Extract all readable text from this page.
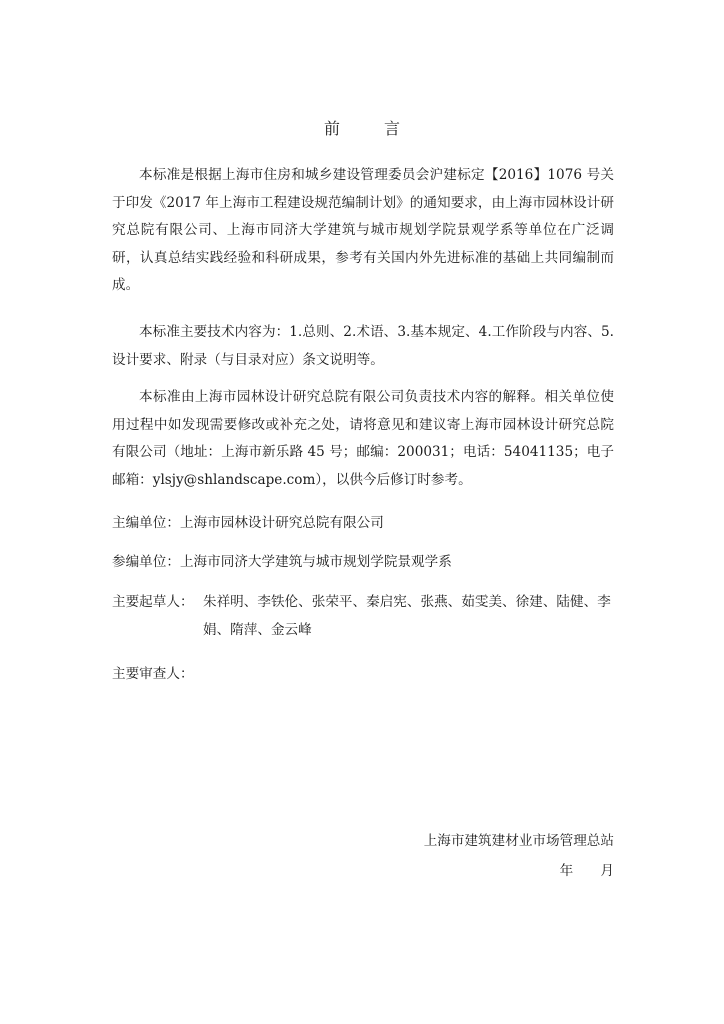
前　言

本标准是根据上海市住房和城乡建设管理委员会沪建标定【2016】1076 号关于印发《2017 年上海市工程建设规范编制计划》的通知要求，由上海市园林设计研究总院有限公司、上海市同济大学建筑与城市规划学院景观学系等单位在广泛调研，认真总结实践经验和科研成果，参考有关国内外先进标准的基础上共同编制而成。

本标准主要技术内容为：1.总则、2.术语、3.基本规定、4.工作阶段与内容、5.设计要求、附录（与目录对应）条文说明等。

本标准由上海市园林设计研究总院有限公司负责技术内容的解释。相关单位使用过程中如发现需要修改或补充之处，请将意见和建议寄上海市园林设计研究总院有限公司（地址：上海市新乐路 45 号；邮编：200031；电话：54041135；电子邮箱：ylsjy@shlandscape.com），以供今后修订时参考。

主编单位：上海市园林设计研究总院有限公司
参编单位：上海市同济大学建筑与城市规划学院景观学系
主要起草人： 朱祥明、李铁伦、张荣平、秦启宪、张燕、茹雯美、徐建、陆健、李娟、隋萍、金云峰
主要审查人：
上海市建筑建材业市场管理总站
年　　月
